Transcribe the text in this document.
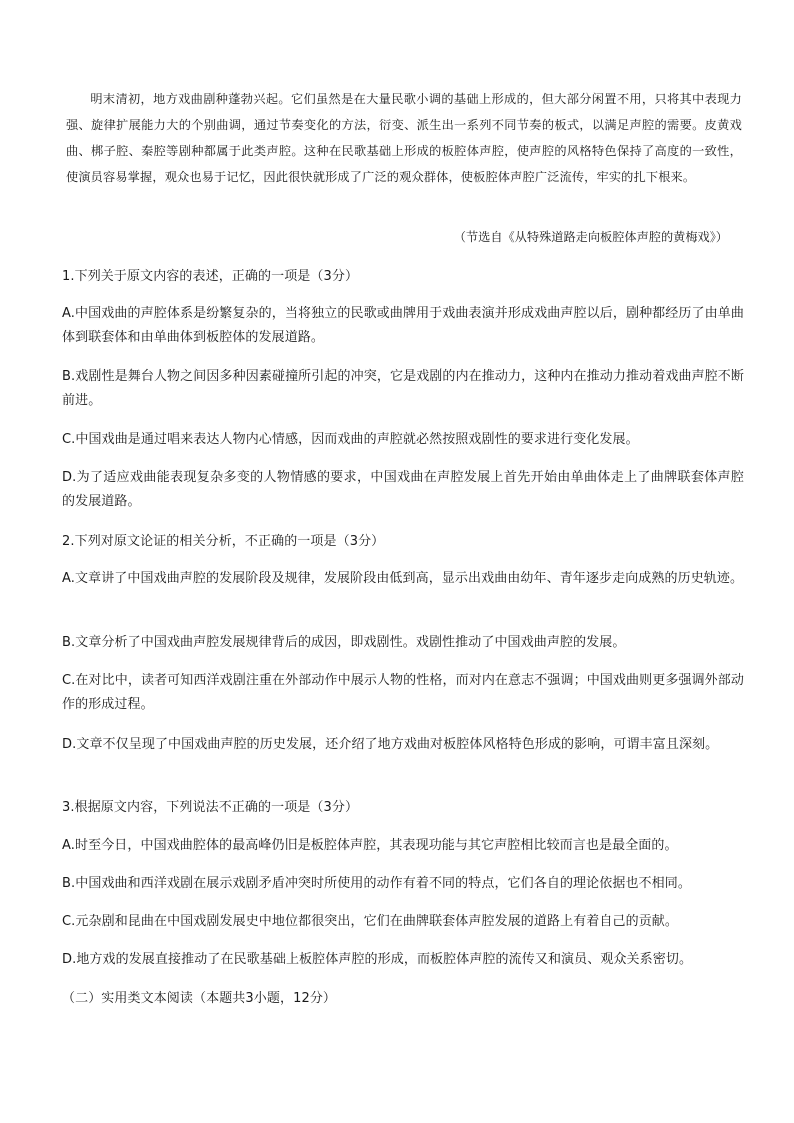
明末清初，地方戏曲剧种蓬勃兴起。它们虽然是在大量民歌小调的基础上形成的，但大部分闲置不用，只将其中表现力强、旋律扩展能力大的个别曲调，通过节奏变化的方法，衍变、派生出一系列不同节奏的板式，以满足声腔的需要。皮黄戏曲、梆子腔、秦腔等剧种都属于此类声腔。这种在民歌基础上形成的板腔体声腔，使声腔的风格特色保持了高度的一致性，使演员容易掌握，观众也易于记忆，因此很快就形成了广泛的观众群体，使板腔体声腔广泛流传，牢实的扎下根来。

（节选自《从特殊道路走向板腔体声腔的黄梅戏》）
1.下列关于原文内容的表述，正确的一项是（3分）
A.中国戏曲的声腔体系是纷繁复杂的，当将独立的民歌或曲牌用于戏曲表演并形成戏曲声腔以后，剧种都经历了由单曲体到联套体和由单曲体到板腔体的发展道路。
B.戏剧性是舞台人物之间因多种因素碰撞所引起的冲突，它是戏剧的内在推动力，这种内在推动力推动着戏曲声腔不断前进。
C.中国戏曲是通过唱来表达人物内心情感，因而戏曲的声腔就必然按照戏剧性的要求进行变化发展。
D.为了适应戏曲能表现复杂多变的人物情感的要求，中国戏曲在声腔发展上首先开始由单曲体走上了曲牌联套体声腔的发展道路。
2.下列对原文论证的相关分析，不正确的一项是（3分）
A.文章讲了中国戏曲声腔的发展阶段及规律，发展阶段由低到高，显示出戏曲由幼年、青年逐步走向成熟的历史轨迹。
B.文章分析了中国戏曲声腔发展规律背后的成因，即戏剧性。戏剧性推动了中国戏曲声腔的发展。
C.在对比中，读者可知西洋戏剧注重在外部动作中展示人物的性格，而对内在意志不强调；中国戏曲则更多强调外部动作的形成过程。
D.文章不仅呈现了中国戏曲声腔的历史发展，还介绍了地方戏曲对板腔体风格特色形成的影响，可谓丰富且深刻。
3.根据原文内容，下列说法不正确的一项是（3分）
A.时至今日，中国戏曲腔体的最高峰仍旧是板腔体声腔，其表现功能与其它声腔相比较而言也是最全面的。
B.中国戏曲和西洋戏剧在展示戏剧矛盾冲突时所使用的动作有着不同的特点，它们各自的理论依据也不相同。
C.元杂剧和昆曲在中国戏剧发展史中地位都很突出，它们在曲牌联套体声腔发展的道路上有着自己的贡献。
D.地方戏的发展直接推动了在民歌基础上板腔体声腔的形成，而板腔体声腔的流传又和演员、观众关系密切。
（二）实用类文本阅读（本题共3小题，12分）
